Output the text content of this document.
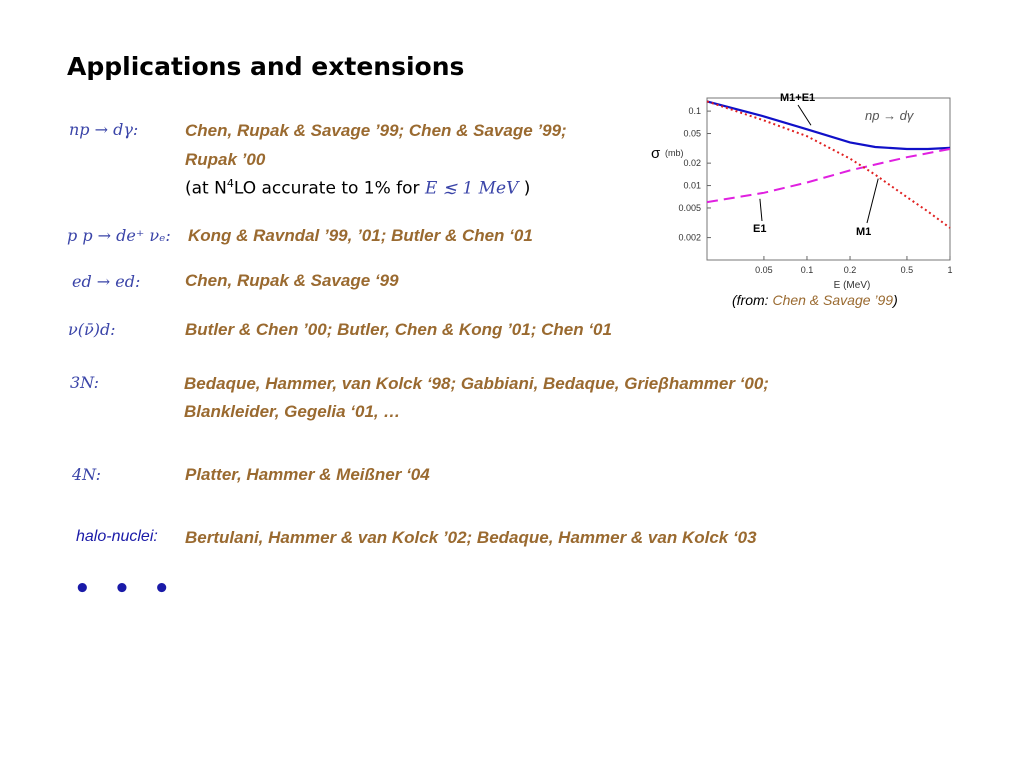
Applications and extensions
np → dγ:	Chen, Rupak & Savage ’99; Chen & Savage ’99;
Rupak ’00
(at $N^4LO$ accurate to 1% for E ≲ 1 MeV )
p p → de⁺ νₑ: Kong & Ravndal ’99, ’01; Butler & Chen ‘01
ed → ed:	Chen, Rupak & Savage ‘99
ν(ν̄)d:	Butler & Chen ’00; Butler, Chen & Kong ’01; Chen ‘01
3N:	Bedaque, Hammer, van Kolck ‘98; Gabbiani, Bedaque, Grieβhammer ‘00;
Blankleider, Gegelia ‘01, …
4N:	Platter, Hammer & Meißner ‘04
halo-nuclei: Bertulani, Hammer & van Kolck ’02; Bedaque, Hammer & van Kolck ‘03
• • •
0.05	0.1	0.2	0.5	1
0.002
0.005
0.01
0.02
0.05
0.1
E (MeV)
σ (mb)
np → dγ
M1+E1
E1	M1
(from: Chen & Savage ’99)
